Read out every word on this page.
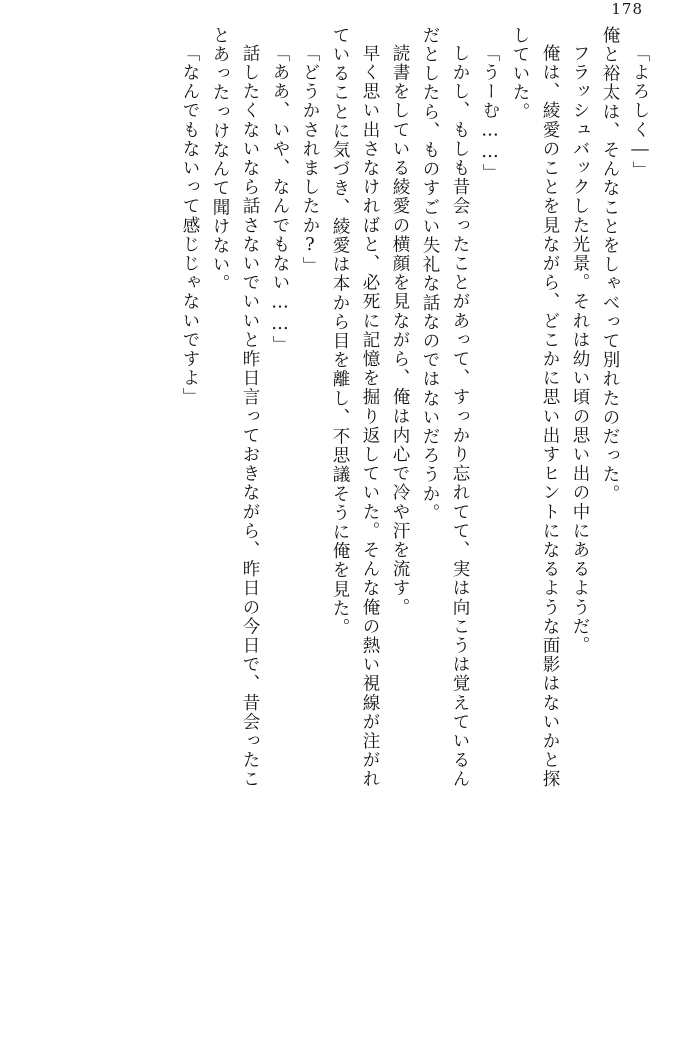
178
「よろしく―」
俺と裕太は、そんなことをしゃべって別れたのだった。
フラッシュバックした光景。それは幼い頃の思い出の中にあるようだ。
俺は、綾愛のことを見ながら、どこかに思い出すヒントになるような面影はないかと探
していた。
「うーむ……」
しかし、もしも昔会ったことがあって、すっかり忘れてて、実は向こうは覚えているん
だとしたら、ものすごい失礼な話なのではないだろうか。
読書をしている綾愛の横顔を見ながら、俺は内心で冷や汗を流す。
早く思い出さなければと、必死に記憶を掘り返していた。そんな俺の熱い視線が注がれ
ていることに気づき、綾愛は本から目を離し、不思議そうに俺を見た。
「どうかされましたか?」
「ああ、いや、なんでもない……」
話したくないなら話さないでいいと昨日言っておきながら、昨日の今日で、昔会ったこ
とあったっけなんて聞けない。
「なんでもないって感じじゃないですよ」
